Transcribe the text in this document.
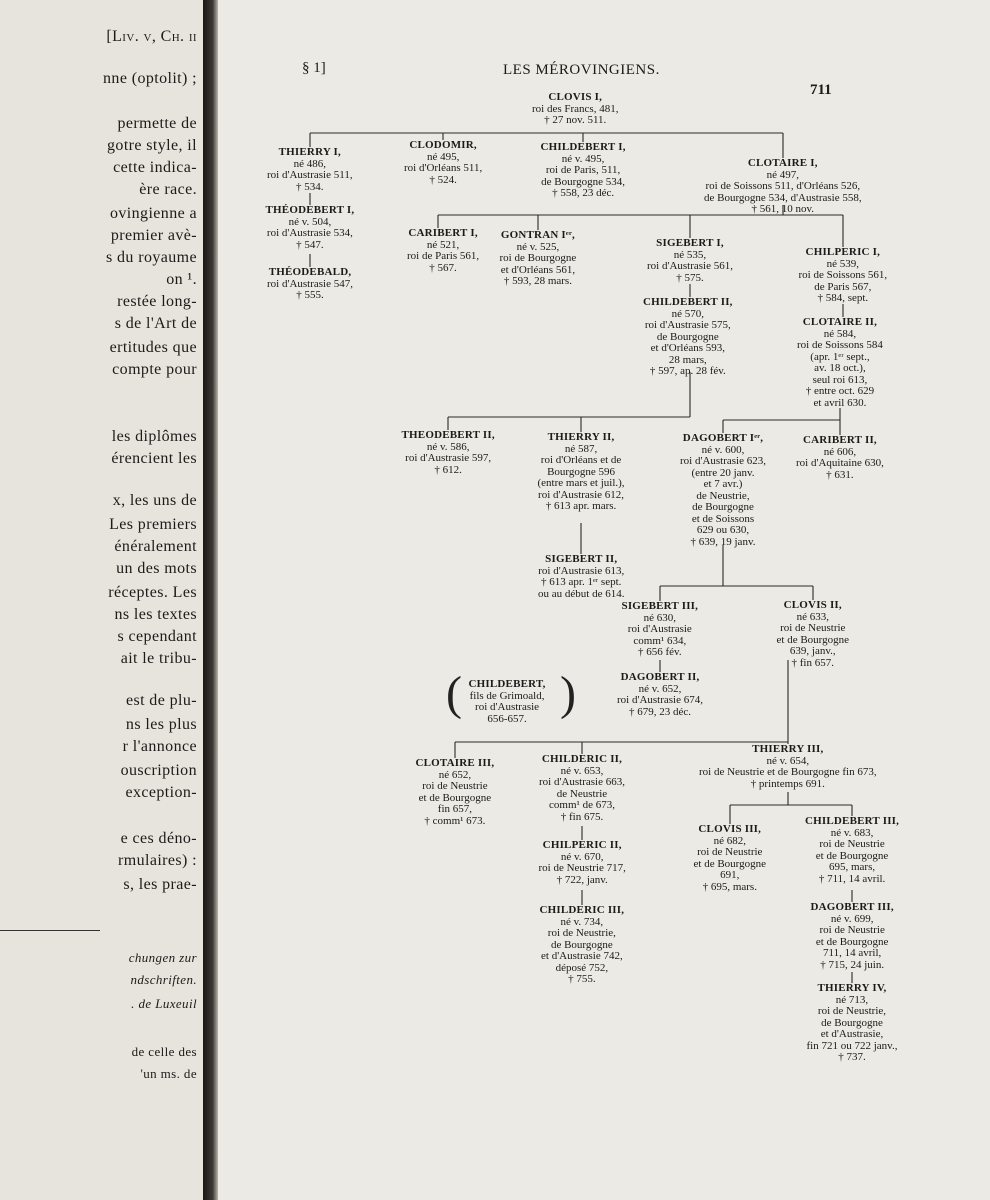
nne (optolit) ;
permette de
gotre style, il
cette indica-
ère race.
ovingienne a
premier avè-
s du royaume
on ¹.
restée long-
s de l'Art de
ertitudes que
compte pour
les diplômes
érencient les
x, les uns de
Les premiers
énéralement
un des mots
réceptes. Les
ns les textes
s cependant
ait le tribu-
est de plu-
ns les plus
r l'annonce
ouscription
exception-
e ces déno-
rmulaires) :
s, les prae-
chungen zur
ndschriften.
. de Luxeuil
de celle des
'un ms. de
[Liv. v, Ch. ii
§ 1]	LES MÉROVINGIENS.
711
CLOVIS I,
roi des Francs, 481,
† 27 nov. 511.
THIERRY I,
né 486,
roi d'Austrasie 511,
† 534.
THÉODEBERT I,
né v. 504,
roi d'Austrasie 534,
† 547.
THÉODEBALD,
roi d'Austrasie 547,
† 555.
CLODOMIR,
né 495,
roi d'Orléans 511,
† 524.
CHILDEBERT I,
né v. 495,
roi de Paris, 511,
de Bourgogne 534,
† 558, 23 déc.
CLOTAIRE I,
né 497,
roi de Soissons 511, d'Orléans 526,
de Bourgogne 534, d'Austrasie 558,
† 561, 10 nov.
CARIBERT I,
né 521,
roi de Paris 561,
† 567.
GONTRAN Iᵉʳ,
né v. 525,
roi de Bourgogne
et d'Orléans 561,
† 593, 28 mars.
SIGEBERT I,
né 535,
roi d'Austrasie 561,
† 575.
CHILDEBERT II,
né 570,
roi d'Austrasie 575,
de Bourgogne
et d'Orléans 593,
28 mars,
† 597, ap. 28 fév.
CHILPERIC I,
né 539,
roi de Soissons 561,
de Paris 567,
† 584, sept.
CLOTAIRE II,
né 584,
roi de Soissons 584
(apr. 1ᵉʳ sept.,
av. 18 oct.),
seul roi 613,
† entre oct. 629
et avril 630.
THEODEBERT II,
né v. 586,
roi d'Austrasie 597,
† 612.
THIERRY II,
né 587,
roi d'Orléans et de
Bourgogne 596
(entre mars et juil.),
roi d'Austrasie 612,
† 613 apr. mars.
SIGEBERT II,
roi d'Austrasie 613,
† 613 apr. 1ᵉʳ sept.
ou au début de 614.
DAGOBERT Iᵉʳ,
né v. 600,
roi d'Austrasie 623,
(entre 20 janv.
et 7 avr.)
de Neustrie,
de Bourgogne
et de Soissons
629 ou 630,
† 639, 19 janv.
CARIBERT II,
né 606,
roi d'Aquitaine 630,
† 631.
SIGEBERT III,
né 630,
roi d'Austrasie
comm¹ 634,
† 656 fév.
DAGOBERT II,
né v. 652,
roi d'Austrasie 674,
† 679, 23 déc.
CLOVIS II,
né 633,
roi de Neustrie
et de Bourgogne
639, janv.,
† fin 657.
CHILDEBERT,
fils de Grimoald,
roi d'Austrasie
656-657.
CLOTAIRE III,
né 652,
roi de Neustrie
et de Bourgogne
fin 657,
† comm¹ 673.
CHILDERIC II,
né v. 653,
roi d'Austrasie 663,
de Neustrie
comm¹ de 673,
† fin 675.
CHILPERIC II,
né v. 670,
roi de Neustrie 717,
† 722, janv.
CHILDERIC III,
né v. 734,
roi de Neustrie,
de Bourgogne
et d'Austrasie 742,
déposé 752,
† 755.
THIERRY III,
né v. 654,
roi de Neustrie et de Bourgogne fin 673,
† printemps 691.
CLOVIS III,
né 682,
roi de Neustrie
et de Bourgogne
691,
† 695, mars.
CHILDEBERT III,
né v. 683,
roi de Neustrie
et de Bourgogne
695, mars,
† 711, 14 avril.
DAGOBERT III,
né v. 699,
roi de Neustrie
et de Bourgogne
711, 14 avril,
† 715, 24 juin.
THIERRY IV,
né 713,
roi de Neustrie,
de Bourgogne
et d'Austrasie,
fin 721 ou 722 janv.,
† 737.
( )
